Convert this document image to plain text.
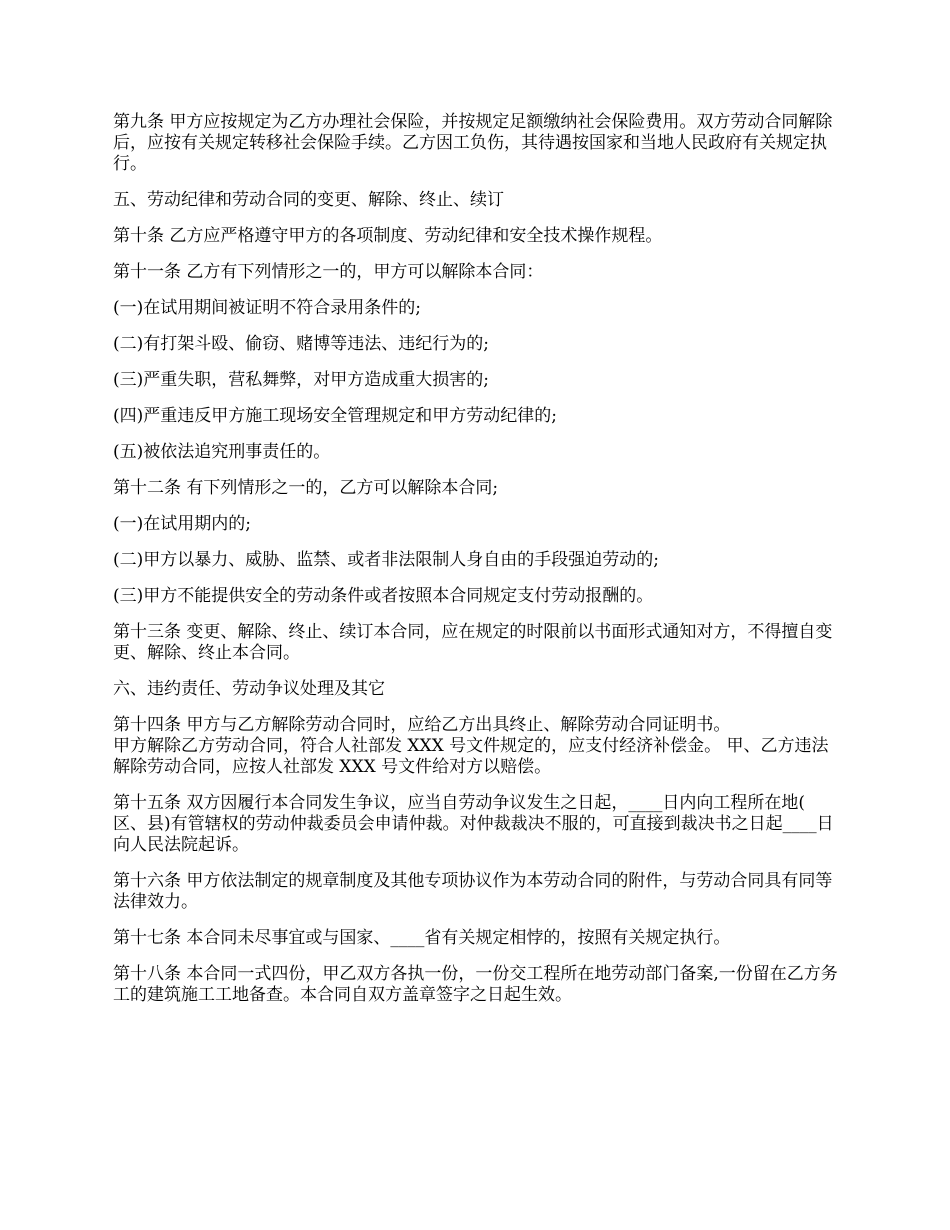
第九条 甲方应按规定为乙方办理社会保险，并按规定足额缴纳社会保险费用。双方劳动合同解除后，应按有关规定转移社会保险手续。乙方因工负伤，其待遇按国家和当地人民政府有关规定执行。

五、劳动纪律和劳动合同的变更、解除、终止、续订

第十条 乙方应严格遵守甲方的各项制度、劳动纪律和安全技术操作规程。

第十一条 乙方有下列情形之一的，甲方可以解除本合同：

(一)在试用期间被证明不符合录用条件的;

(二)有打架斗殴、偷窃、赌博等违法、违纪行为的;

(三)严重失职，营私舞弊，对甲方造成重大损害的;

(四)严重违反甲方施工现场安全管理规定和甲方劳动纪律的;

(五)被依法追究刑事责任的。

第十二条 有下列情形之一的，乙方可以解除本合同;

(一)在试用期内的;

(二)甲方以暴力、威胁、监禁、或者非法限制人身自由的手段强迫劳动的;

(三)甲方不能提供安全的劳动条件或者按照本合同规定支付劳动报酬的。

第十三条 变更、解除、终止、续订本合同，应在规定的时限前以书面形式通知对方，不得擅自变更、解除、终止本合同。

六、违约责任、劳动争议处理及其它

第十四条 甲方与乙方解除劳动合同时，应给乙方出具终止、解除劳动合同证明书。
甲方解除乙方劳动合同，符合人社部发 XXX 号文件规定的，应支付经济补偿金。 甲、乙方违法解除劳动合同，应按人社部发 XXX 号文件给对方以赔偿。

第十五条 双方因履行本合同发生争议，应当自劳动争议发生之日起，____日内向工程所在地( 区、县)有管辖权的劳动仲裁委员会申请仲裁。对仲裁裁决不服的，可直接到裁决书之日起____日向人民法院起诉。

第十六条 甲方依法制定的规章制度及其他专项协议作为本劳动合同的附件，与劳动合同具有同等法律效力。

第十七条 本合同未尽事宜或与国家、____省有关规定相悖的，按照有关规定执行。

第十八条 本合同一式四份，甲乙双方各执一份，一份交工程所在地劳动部门备案,一份留在乙方务工的建筑施工工地备查。本合同自双方盖章签字之日起生效。
